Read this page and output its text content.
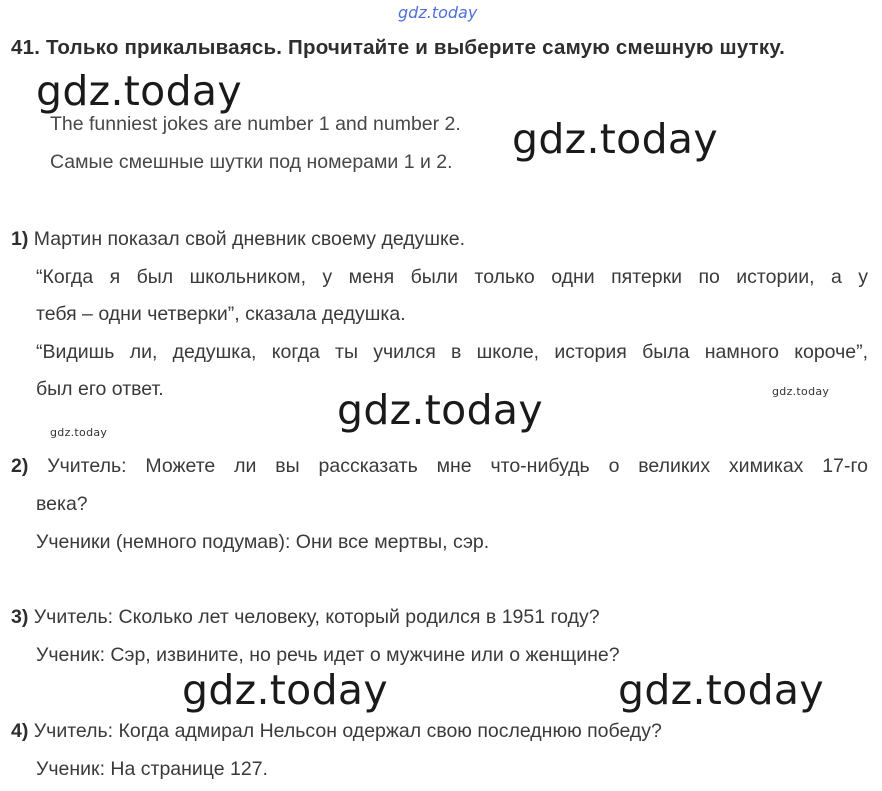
gdz.today
41. Только прикалываясь. Прочитайте и выберите самую смешную шутку.
gdz.today
The funniest jokes are number 1 and number 2.
Самые смешные шутки под номерами 1 и 2. gdz.today
1) Мартин показал свой дневник своему дедушке.
“Когда я был школьником, у меня были только одни пятерки по истории, а у
тебя – одни четверки”, сказала дедушка.
“Видишь ли, дедушка, когда ты учился в школе, история была намного короче”,
был его ответ.	gdz.today
gdz.today
gdz.today
2) Учитель: Можете ли вы рассказать мне что-нибудь о великих химиках 17-го
века?
Ученики (немного подумав): Они все мертвы, сэр.
3) Учитель: Сколько лет человеку, который родился в 1951 году?
Ученик: Сэр, извините, но речь идет о мужчине или о женщине?
gdz.today	gdz.today
4) Учитель: Когда адмирал Нельсон одержал свою последнюю победу?
Ученик: На странице 127.
